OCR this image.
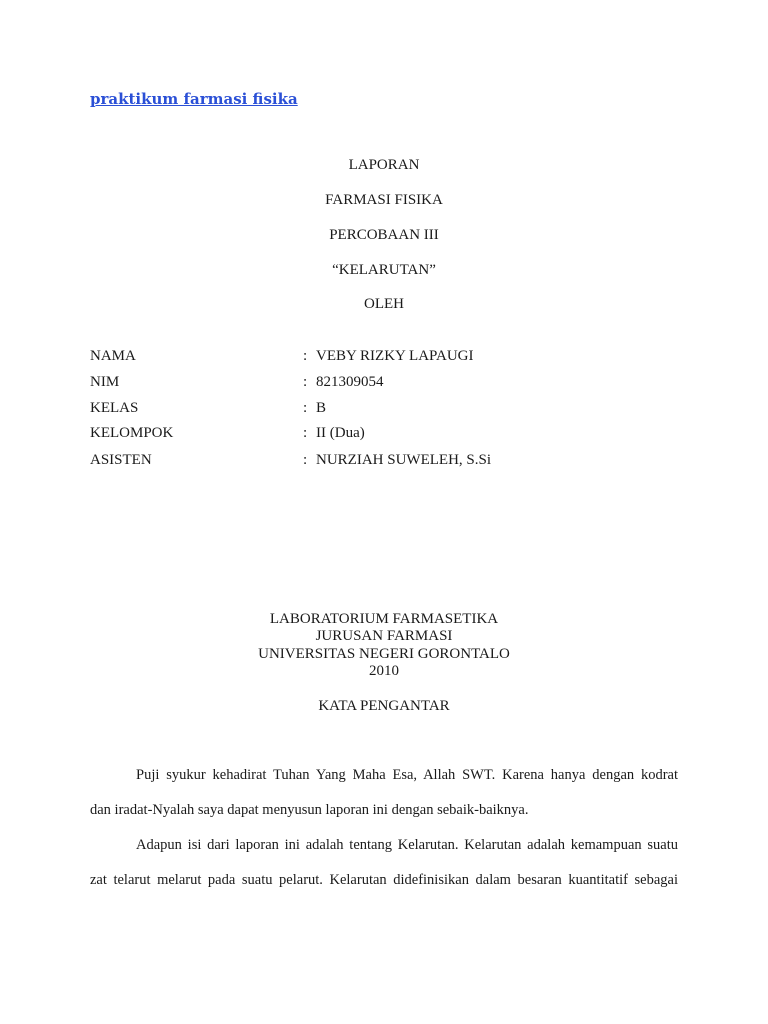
praktikum farmasi fisika
LAPORAN
FARMASI FISIKA
PERCOBAAN III
“KELARUTAN”
OLEH
NAMA	: VEBY RIZKY LAPAUGI
NIM	: 821309054
KELAS	: B
KELOMPOK	: II (Dua)
ASISTEN	: NURZIAH SUWELEH, S.Si
LABORATORIUM FARMASETIKA
JURUSAN FARMASI
UNIVERSITAS NEGERI GORONTALO
2010
KATA PENGANTAR
Puji syukur kehadirat Tuhan Yang Maha Esa, Allah SWT. Karena hanya dengan kodrat
dan iradat-Nyalah saya dapat menyusun laporan ini dengan sebaik-baiknya.
Adapun isi dari laporan ini adalah tentang Kelarutan. Kelarutan adalah kemampuan suatu
zat telarut melarut pada suatu pelarut. Kelarutan didefinisikan dalam besaran kuantitatif sebagai
